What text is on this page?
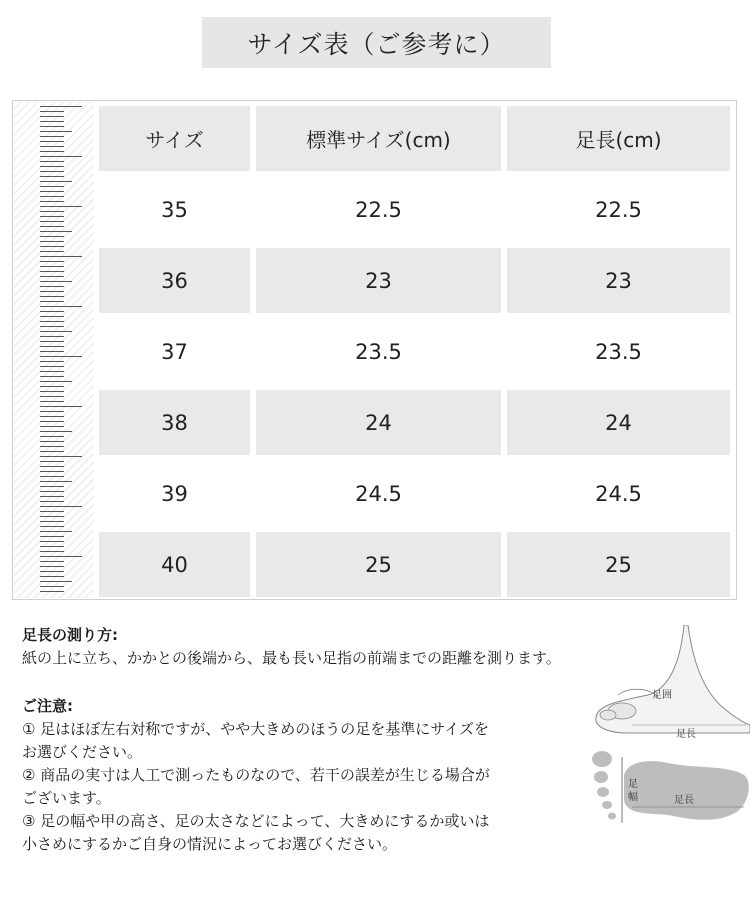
サイズ表（ご参考に）
サイズ	標準サイズ(cm)	足長(cm)
35	22.5	22.5
36	23	23
37	23.5	23.5
38	24	24
39	24.5	24.5
40	25	25
足長の測り方:
紙の上に立ち、かかとの後端から、最も長い足指の前端までの距離を測ります。
ご注意:
① 足はほぼ左右対称ですが、やや大きめのほうの足を基準にサイズを
お選びください。
② 商品の実寸は人工で測ったものなので、若干の誤差が生じる場合が
ございます。
③ 足の幅や甲の高さ、足の太さなどによって、大きめにするか或いは
小さめにするかご自身の情況によってお選びください。
足囲
足長
足
幅	足長
